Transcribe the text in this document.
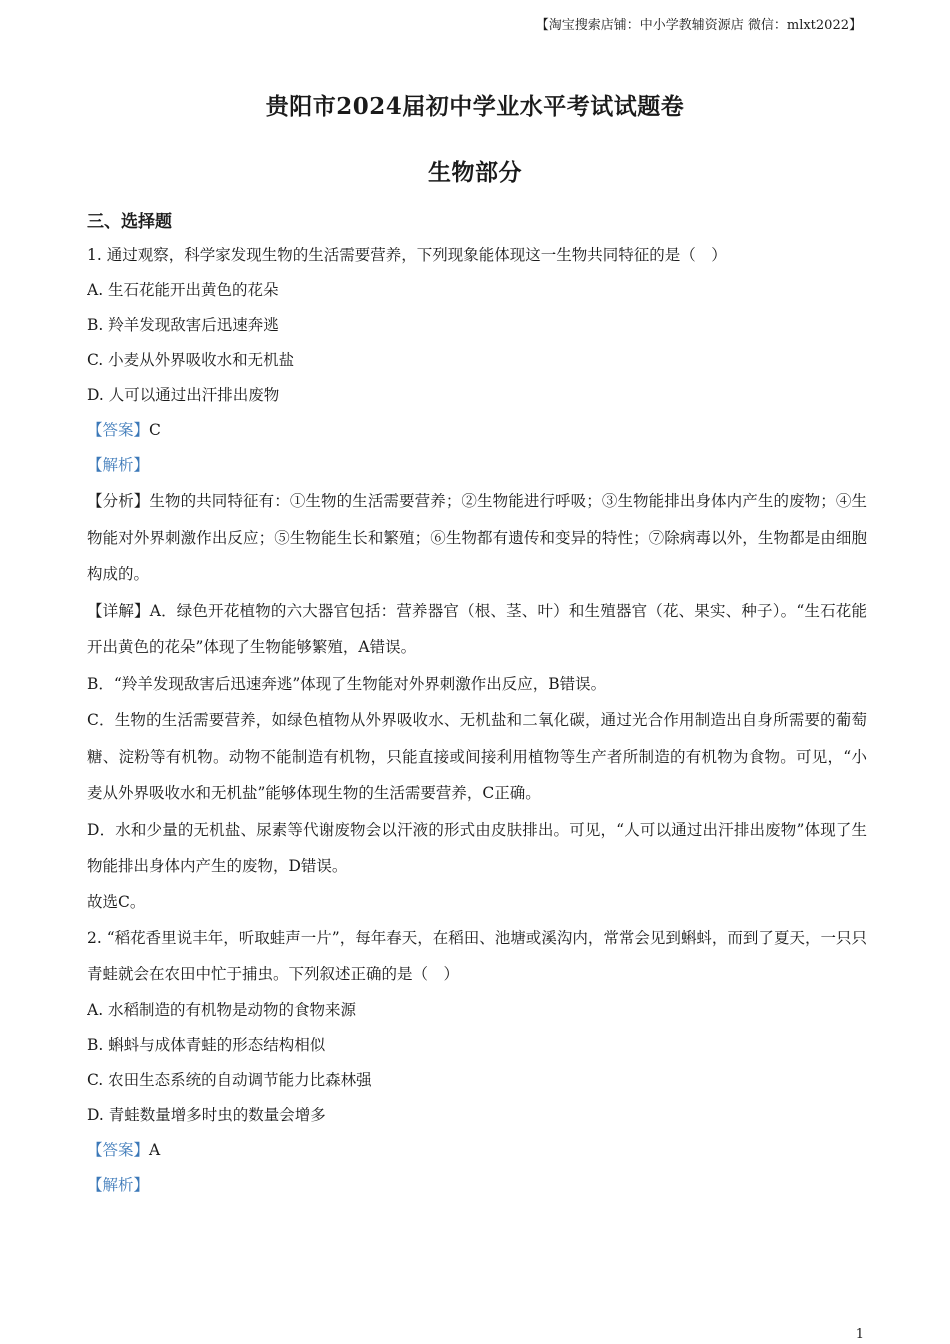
【淘宝搜索店铺：中小学教辅资源店 微信：mlxt2022】
贵阳市2024届初中学业水平考试试题卷
生物部分
三、选择题
1. 通过观察，科学家发现生物的生活需要营养，下列现象能体现这一生物共同特征的是（　）
A. 生石花能开出黄色的花朵
B. 羚羊发现敌害后迅速奔逃
C. 小麦从外界吸收水和无机盐
D. 人可以通过出汗排出废物
【答案】C
【解析】
【分析】生物的共同特征有：①生物的生活需要营养；②生物能进行呼吸；③生物能排出身体内产生的废物；④生物能对外界刺激作出反应；⑤生物能生长和繁殖；⑥生物都有遗传和变异的特性；⑦除病毒以外，生物都是由细胞构成的。
【详解】A．绿色开花植物的六大器官包括：营养器官（根、茎、叶）和生殖器官（花、果实、种子）。“生石花能开出黄色的花朵”体现了生物能够繁殖，A错误。
B．“羚羊发现敌害后迅速奔逃”体现了生物能对外界刺激作出反应，B错误。
C．生物的生活需要营养，如绿色植物从外界吸收水、无机盐和二氧化碳，通过光合作用制造出自身所需要的葡萄糖、淀粉等有机物。动物不能制造有机物，只能直接或间接利用植物等生产者所制造的有机物为食物。可见，“小麦从外界吸收水和无机盐”能够体现生物的生活需要营养，C正确。
D．水和少量的无机盐、尿素等代谢废物会以汗液的形式由皮肤排出。可见，“人可以通过出汗排出废物”体现了生物能排出身体内产生的废物，D错误。
故选C。
2. “稻花香里说丰年，听取蛙声一片”，每年春天，在稻田、池塘或溪沟内，常常会见到蝌蚪，而到了夏天，一只只青蛙就会在农田中忙于捕虫。下列叙述正确的是（　）
A. 水稻制造的有机物是动物的食物来源
B. 蝌蚪与成体青蛙的形态结构相似
C. 农田生态系统的自动调节能力比森林强
D. 青蛙数量增多时虫的数量会增多
【答案】A
【解析】
1
